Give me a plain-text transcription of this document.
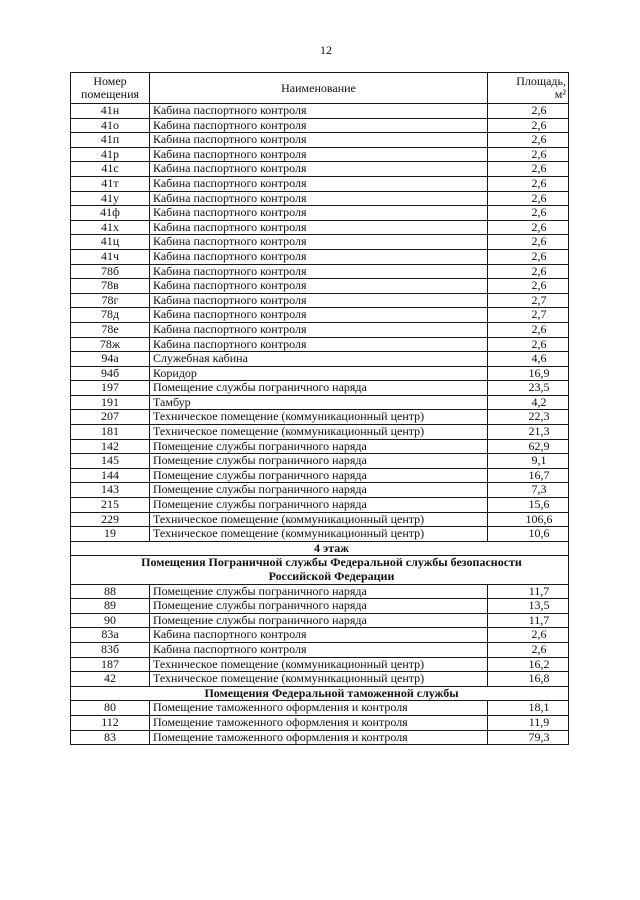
12
Номер помещения	Наименование	Площадь,
м²
41н	Кабина паспортного контроля	2,6
41о	Кабина паспортного контроля	2,6
41п	Кабина паспортного контроля	2,6
41р	Кабина паспортного контроля	2,6
41с	Кабина паспортного контроля	2,6
41т	Кабина паспортного контроля	2,6
41у	Кабина паспортного контроля	2,6
41ф	Кабина паспортного контроля	2,6
41х	Кабина паспортного контроля	2,6
41ц	Кабина паспортного контроля	2,6
41ч	Кабина паспортного контроля	2,6
78б	Кабина паспортного контроля	2,6
78в	Кабина паспортного контроля	2,6
78г	Кабина паспортного контроля	2,7
78д	Кабина паспортного контроля	2,7
78е	Кабина паспортного контроля	2,6
78ж	Кабина паспортного контроля	2,6
94а	Служебная кабина	4,6
94б	Коридор	16,9
197	Помещение службы пограничного наряда	23,5
191	Тамбур	4,2
207	Техническое помещение (коммуникационный центр)	22,3
181	Техническое помещение (коммуникационный центр)	21,3
142	Помещение службы пограничного наряда	62,9
145	Помещение службы пограничного наряда	9,1
144	Помещение службы пограничного наряда	16,7
143	Помещение службы пограничного наряда	7,3
215	Помещение службы пограничного наряда	15,6
229	Техническое помещение (коммуникационный центр)	106,6
19	Техническое помещение (коммуникационный центр)	10,6
4 этаж
Помещения Пограничной службы Федеральной службы безопасности Российской Федерации
88	Помещение службы пограничного наряда	11,7
89	Помещение службы пограничного наряда	13,5
90	Помещение службы пограничного наряда	11,7
83а	Кабина паспортного контроля	2,6
83б	Кабина паспортного контроля	2,6
187	Техническое помещение (коммуникационный центр)	16,2
42	Техническое помещение (коммуникационный центр)	16,8
Помещения Федеральной таможенной службы
80	Помещение таможенного оформления и контроля	18,1
112	Помещение таможенного оформления и контроля	11,9
83	Помещение таможенного оформления и контроля	79,3
